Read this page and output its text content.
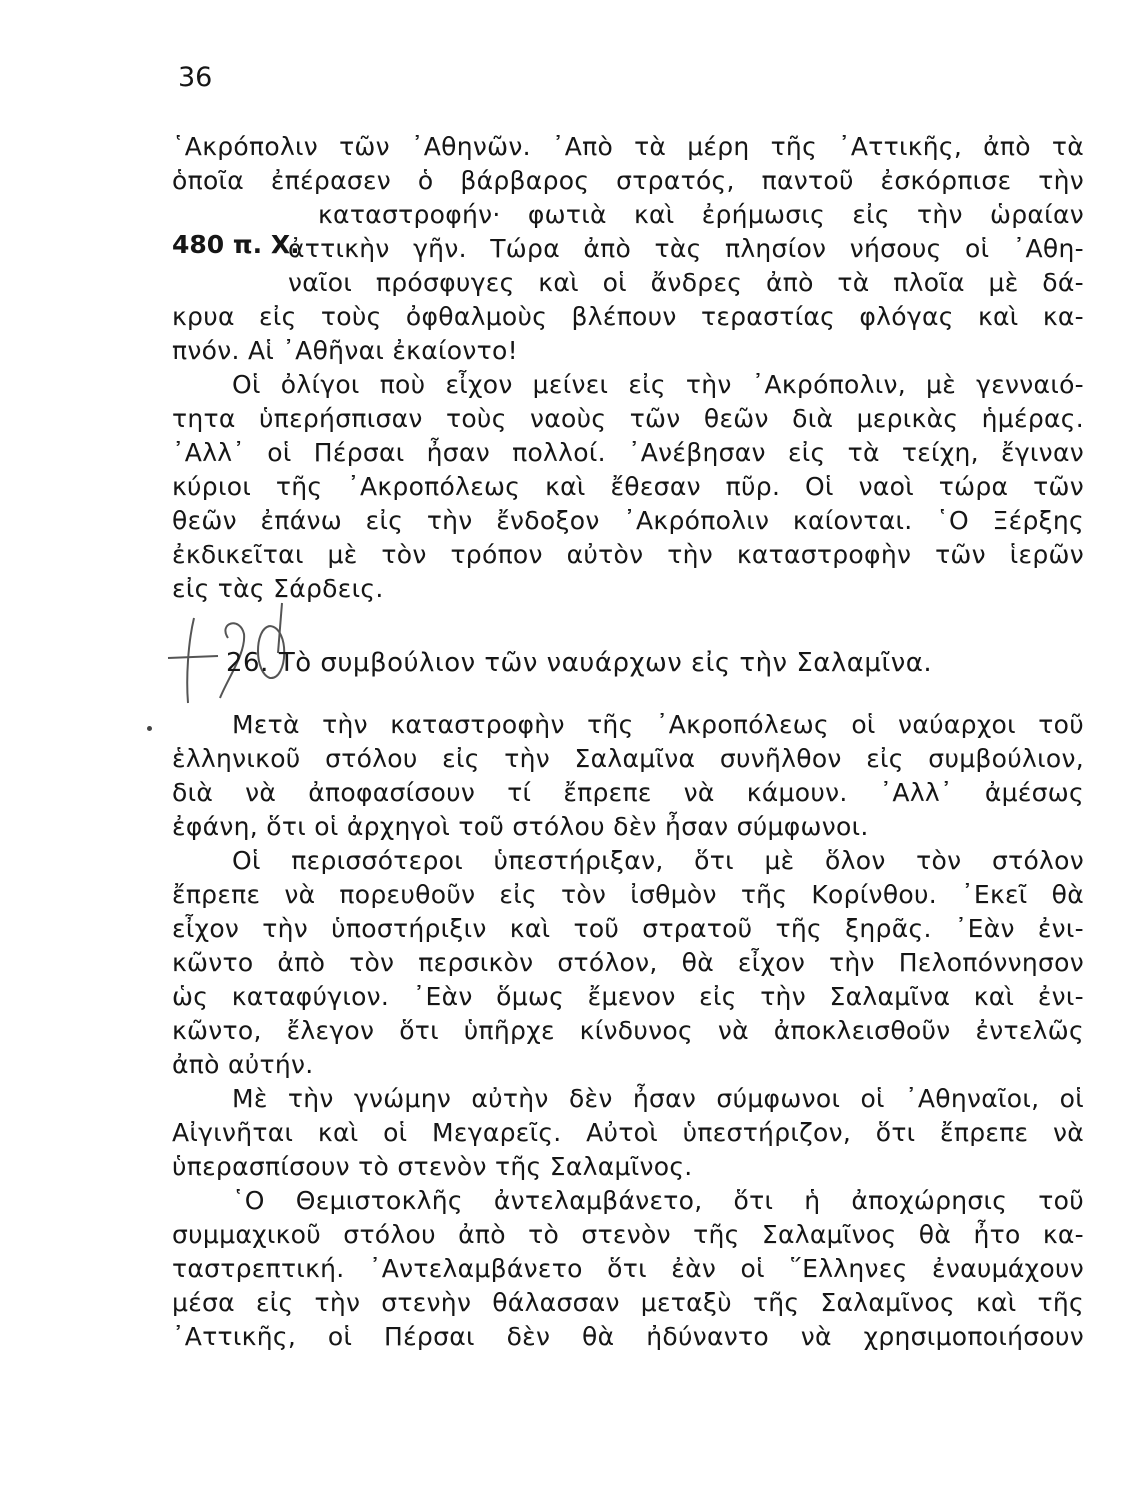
36
῾Ακρόπολιν τῶν ᾿Αθηνῶν. ᾿Απὸ τὰ μέρη τῆς ᾿Αττικῆς, ἀπὸ τὰ
ὁποῖα ἐπέρασεν ὁ βάρβαρος στρατός, παντοῦ ἐσκόρπισε τὴν
καταστροφήν· φωτιὰ καὶ ἐρήμωσις εἰς τὴν ὡραίαν
480 π. Χ.
ἀττικὴν γῆν. Τώρα ἀπὸ τὰς πλησίον νήσους οἱ ᾿Αθη-
ναῖοι πρόσφυγες καὶ οἱ ἄνδρες ἀπὸ τὰ πλοῖα μὲ δά-
κρυα εἰς τοὺς ὀφθαλμοὺς βλέπουν τεραστίας φλόγας καὶ κα-
πνόν. Αἱ ᾿Αθῆναι ἐκαίοντο!
Οἱ ὀλίγοι ποὺ εἶχον μείνει εἰς τὴν ᾿Ακρόπολιν, μὲ γενναιό-
τητα ὑπερήσπισαν τοὺς ναοὺς τῶν θεῶν διὰ μερικὰς ἡμέρας.
᾿Αλλ᾿ οἱ Πέρσαι ἦσαν πολλοί. ᾿Ανέβησαν εἰς τὰ τείχη, ἔγιναν
κύριοι τῆς ᾿Ακροπόλεως καὶ ἔθεσαν πῦρ. Οἱ ναοὶ τώρα τῶν
θεῶν ἐπάνω εἰς τὴν ἔνδοξον ᾿Ακρόπολιν καίονται. ῾Ο Ξέρξης
ἐκδικεῖται μὲ τὸν τρόπον αὐτὸν τὴν καταστροφὴν τῶν ἱερῶν
εἰς τὰς Σάρδεις.
26. Τὸ συμβούλιον τῶν ναυάρχων εἰς τὴν Σαλαμῖνα.
Μετὰ τὴν καταστροφὴν τῆς ᾿Ακροπόλεως οἱ ναύαρχοι τοῦ
ἑλληνικοῦ στόλου εἰς τὴν Σαλαμῖνα συνῆλθον εἰς συμβούλιον,
διὰ νὰ ἀποφασίσουν τί ἔπρεπε νὰ κάμουν. ᾿Αλλ᾿ ἀμέσως
ἐφάνη, ὅτι οἱ ἀρχηγοὶ τοῦ στόλου δὲν ἦσαν σύμφωνοι.
Οἱ περισσότεροι ὑπεστήριξαν, ὅτι μὲ ὅλον τὸν στόλον
ἔπρεπε νὰ πορευθοῦν εἰς τὸν ἰσθμὸν τῆς Κορίνθου. ᾿Εκεῖ θὰ
εἶχον τὴν ὑποστήριξιν καὶ τοῦ στρατοῦ τῆς ξηρᾶς. ᾿Εὰν ἐνι-
κῶντο ἀπὸ τὸν περσικὸν στόλον, θὰ εἶχον τὴν Πελοπόννησον
ὡς καταφύγιον. ᾿Εὰν ὅμως ἔμενον εἰς τὴν Σαλαμῖνα καὶ ἐνι-
κῶντο, ἔλεγον ὅτι ὑπῆρχε κίνδυνος νὰ ἀποκλεισθοῦν ἐντελῶς
ἀπὸ αὐτήν.
Μὲ τὴν γνώμην αὐτὴν δὲν ἦσαν σύμφωνοι οἱ ᾿Αθηναῖοι, οἱ
Αἰγινῆται καὶ οἱ Μεγαρεῖς. Αὐτοὶ ὑπεστήριζον, ὅτι ἔπρεπε νὰ
ὑπερασπίσουν τὸ στενὸν τῆς Σαλαμῖνος.
῾Ο Θεμιστοκλῆς ἀντελαμβάνετο, ὅτι ἡ ἀποχώρησις τοῦ
συμμαχικοῦ στόλου ἀπὸ τὸ στενὸν τῆς Σαλαμῖνος θὰ ἦτο κα-
ταστρεπτική. ᾿Αντελαμβάνετο ὅτι ἐὰν οἱ ῞Ελληνες ἐναυμάχουν
μέσα εἰς τὴν στενὴν θάλασσαν μεταξὺ τῆς Σαλαμῖνος καὶ τῆς
᾿Αττικῆς, οἱ Πέρσαι δὲν θὰ ἠδύναντο νὰ χρησιμοποιήσουν
